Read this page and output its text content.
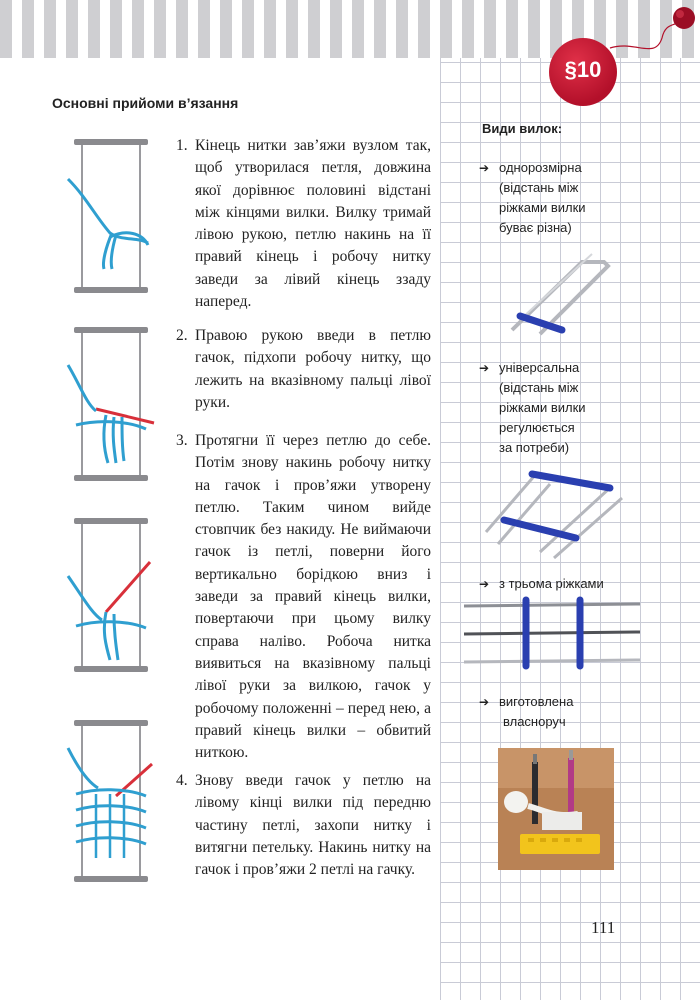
§10
Основні прийоми в’язання
1. Кінець нитки зав’яжи вузлом так, щоб утворилася петля, довжина якої дорівнює половині відстані між кінцями вилки. Вилку тримай лівою рукою, петлю накинь на її правий кінець і робочу нитку заведи за лівий кінець ззаду наперед.
2. Правою рукою введи в петлю гачок, підхопи робочу нитку, що лежить на вказівному пальці лівої руки.
3. Протягни її через петлю до себе. Потім знову накинь робочу нитку на гачок і пров’яжи утворену петлю. Таким чином вийде стовпчик без накиду. Не виймаючи гачок із петлі, поверни його вертикально борідкою вниз і заведи за правий кінець вилки, повертаючи при цьому вилку справа наліво. Робоча нитка виявиться на вказівному пальці лівої руки за вилкою, гачок у робочому положенні – перед нею, а правий кінець вилки – обвитий ниткою.
4. Знову введи гачок у петлю на лівому кінці вилки під передню частину петлі, захопи нитку і витягни петельку. Накинь нитку на гачок і пров’яжи 2 петлі на гачку.
Види вилок:
➔ однорозмірна
(відстань між
ріжками вилки
буває різна)
➔ універсальна
(відстань між
ріжками вилки
регулюється
за потреби)
➔ з трьома ріжками
➔ виготовлена
власноруч
111
